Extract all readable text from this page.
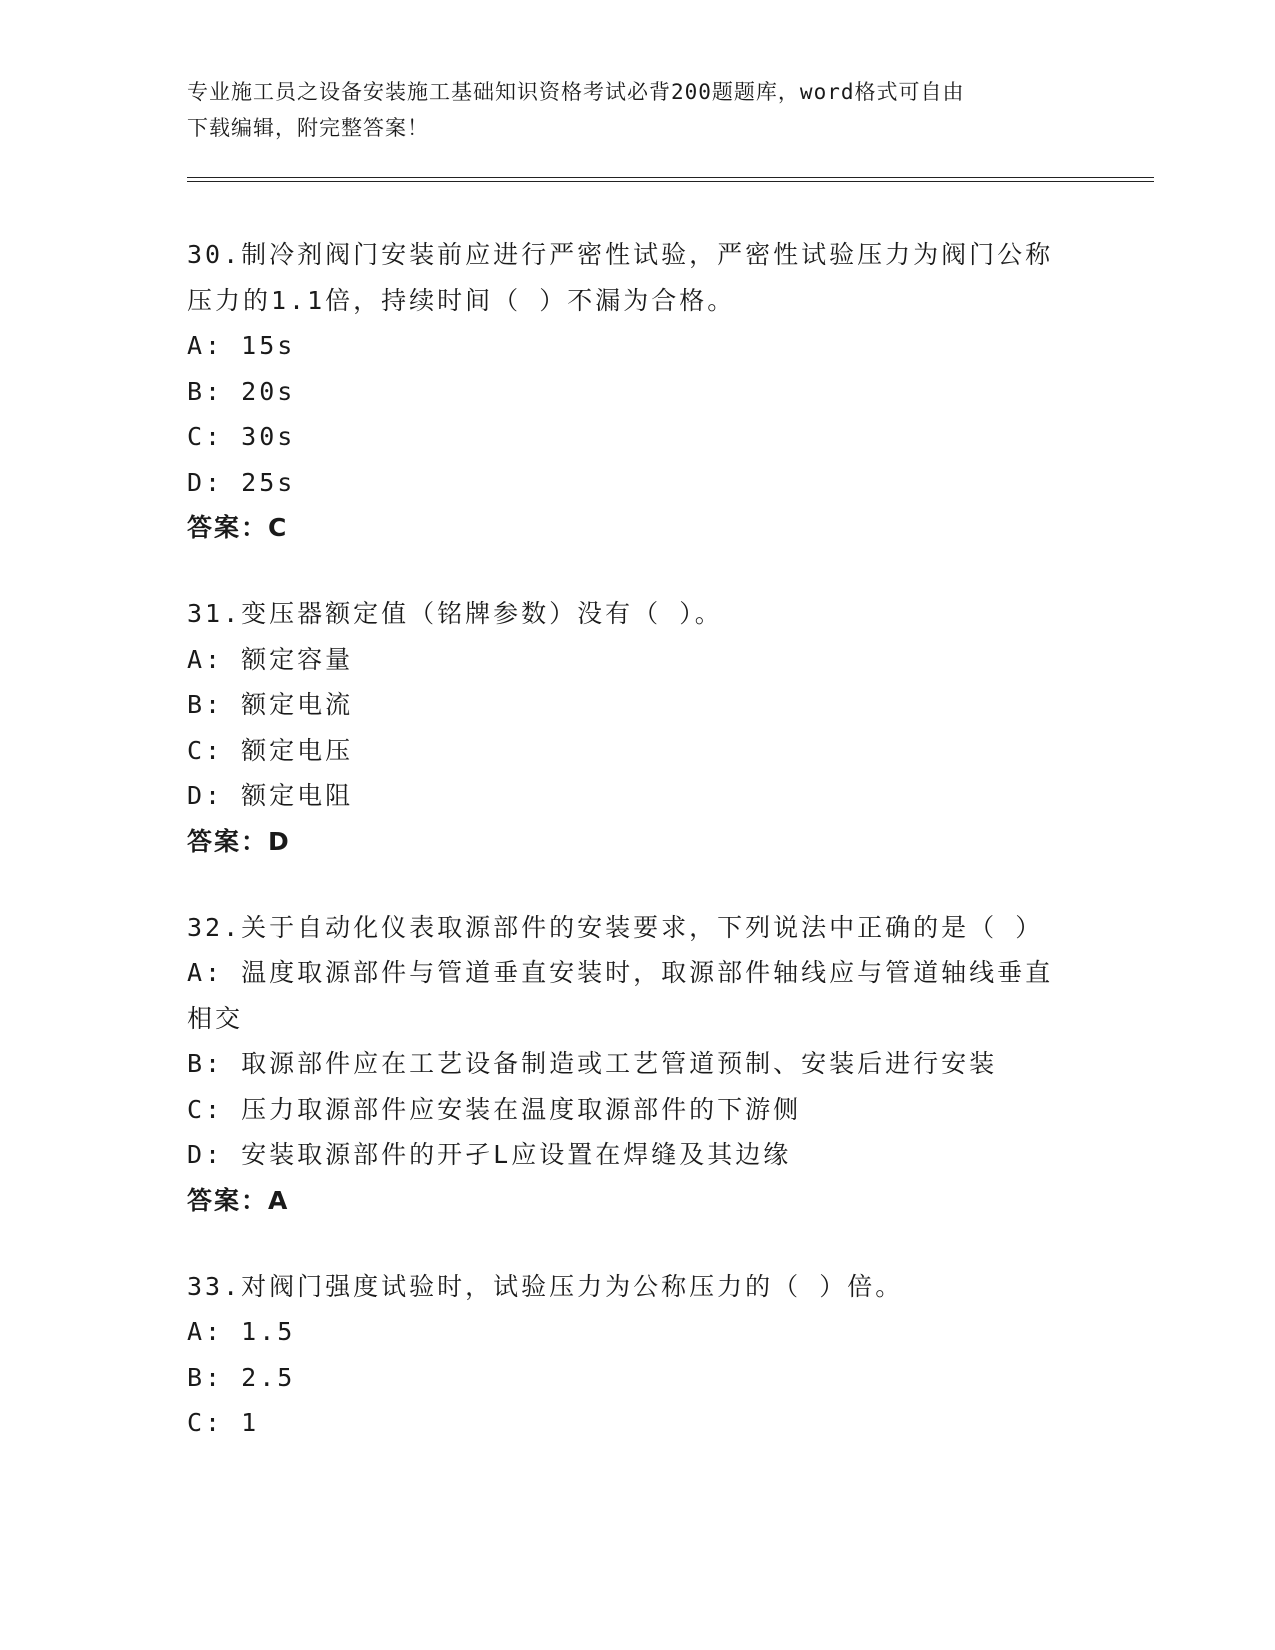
专业施工员之设备安装施工基础知识资格考试必背200题题库，word格式可自由
下载编辑，附完整答案！
30.制冷剂阀门安装前应进行严密性试验，严密性试验压力为阀门公称
压力的1.1倍，持续时间（ ）不漏为合格。
A: 15s
B: 20s
C: 30s
D: 25s
答案：C
31.变压器额定值（铭牌参数）没有（ ）。
A: 额定容量
B: 额定电流
C: 额定电压
D: 额定电阻
答案：D
32.关于自动化仪表取源部件的安装要求，下列说法中正确的是（ ）
A: 温度取源部件与管道垂直安装时，取源部件轴线应与管道轴线垂直
相交
B: 取源部件应在工艺设备制造或工艺管道预制、安装后进行安装
C: 压力取源部件应安装在温度取源部件的下游侧
D: 安装取源部件的开孑L应设置在焊缝及其边缘
答案：A
33.对阀门强度试验时，试验压力为公称压力的（ ）倍。
A: 1.5
B: 2.5
C: 1
